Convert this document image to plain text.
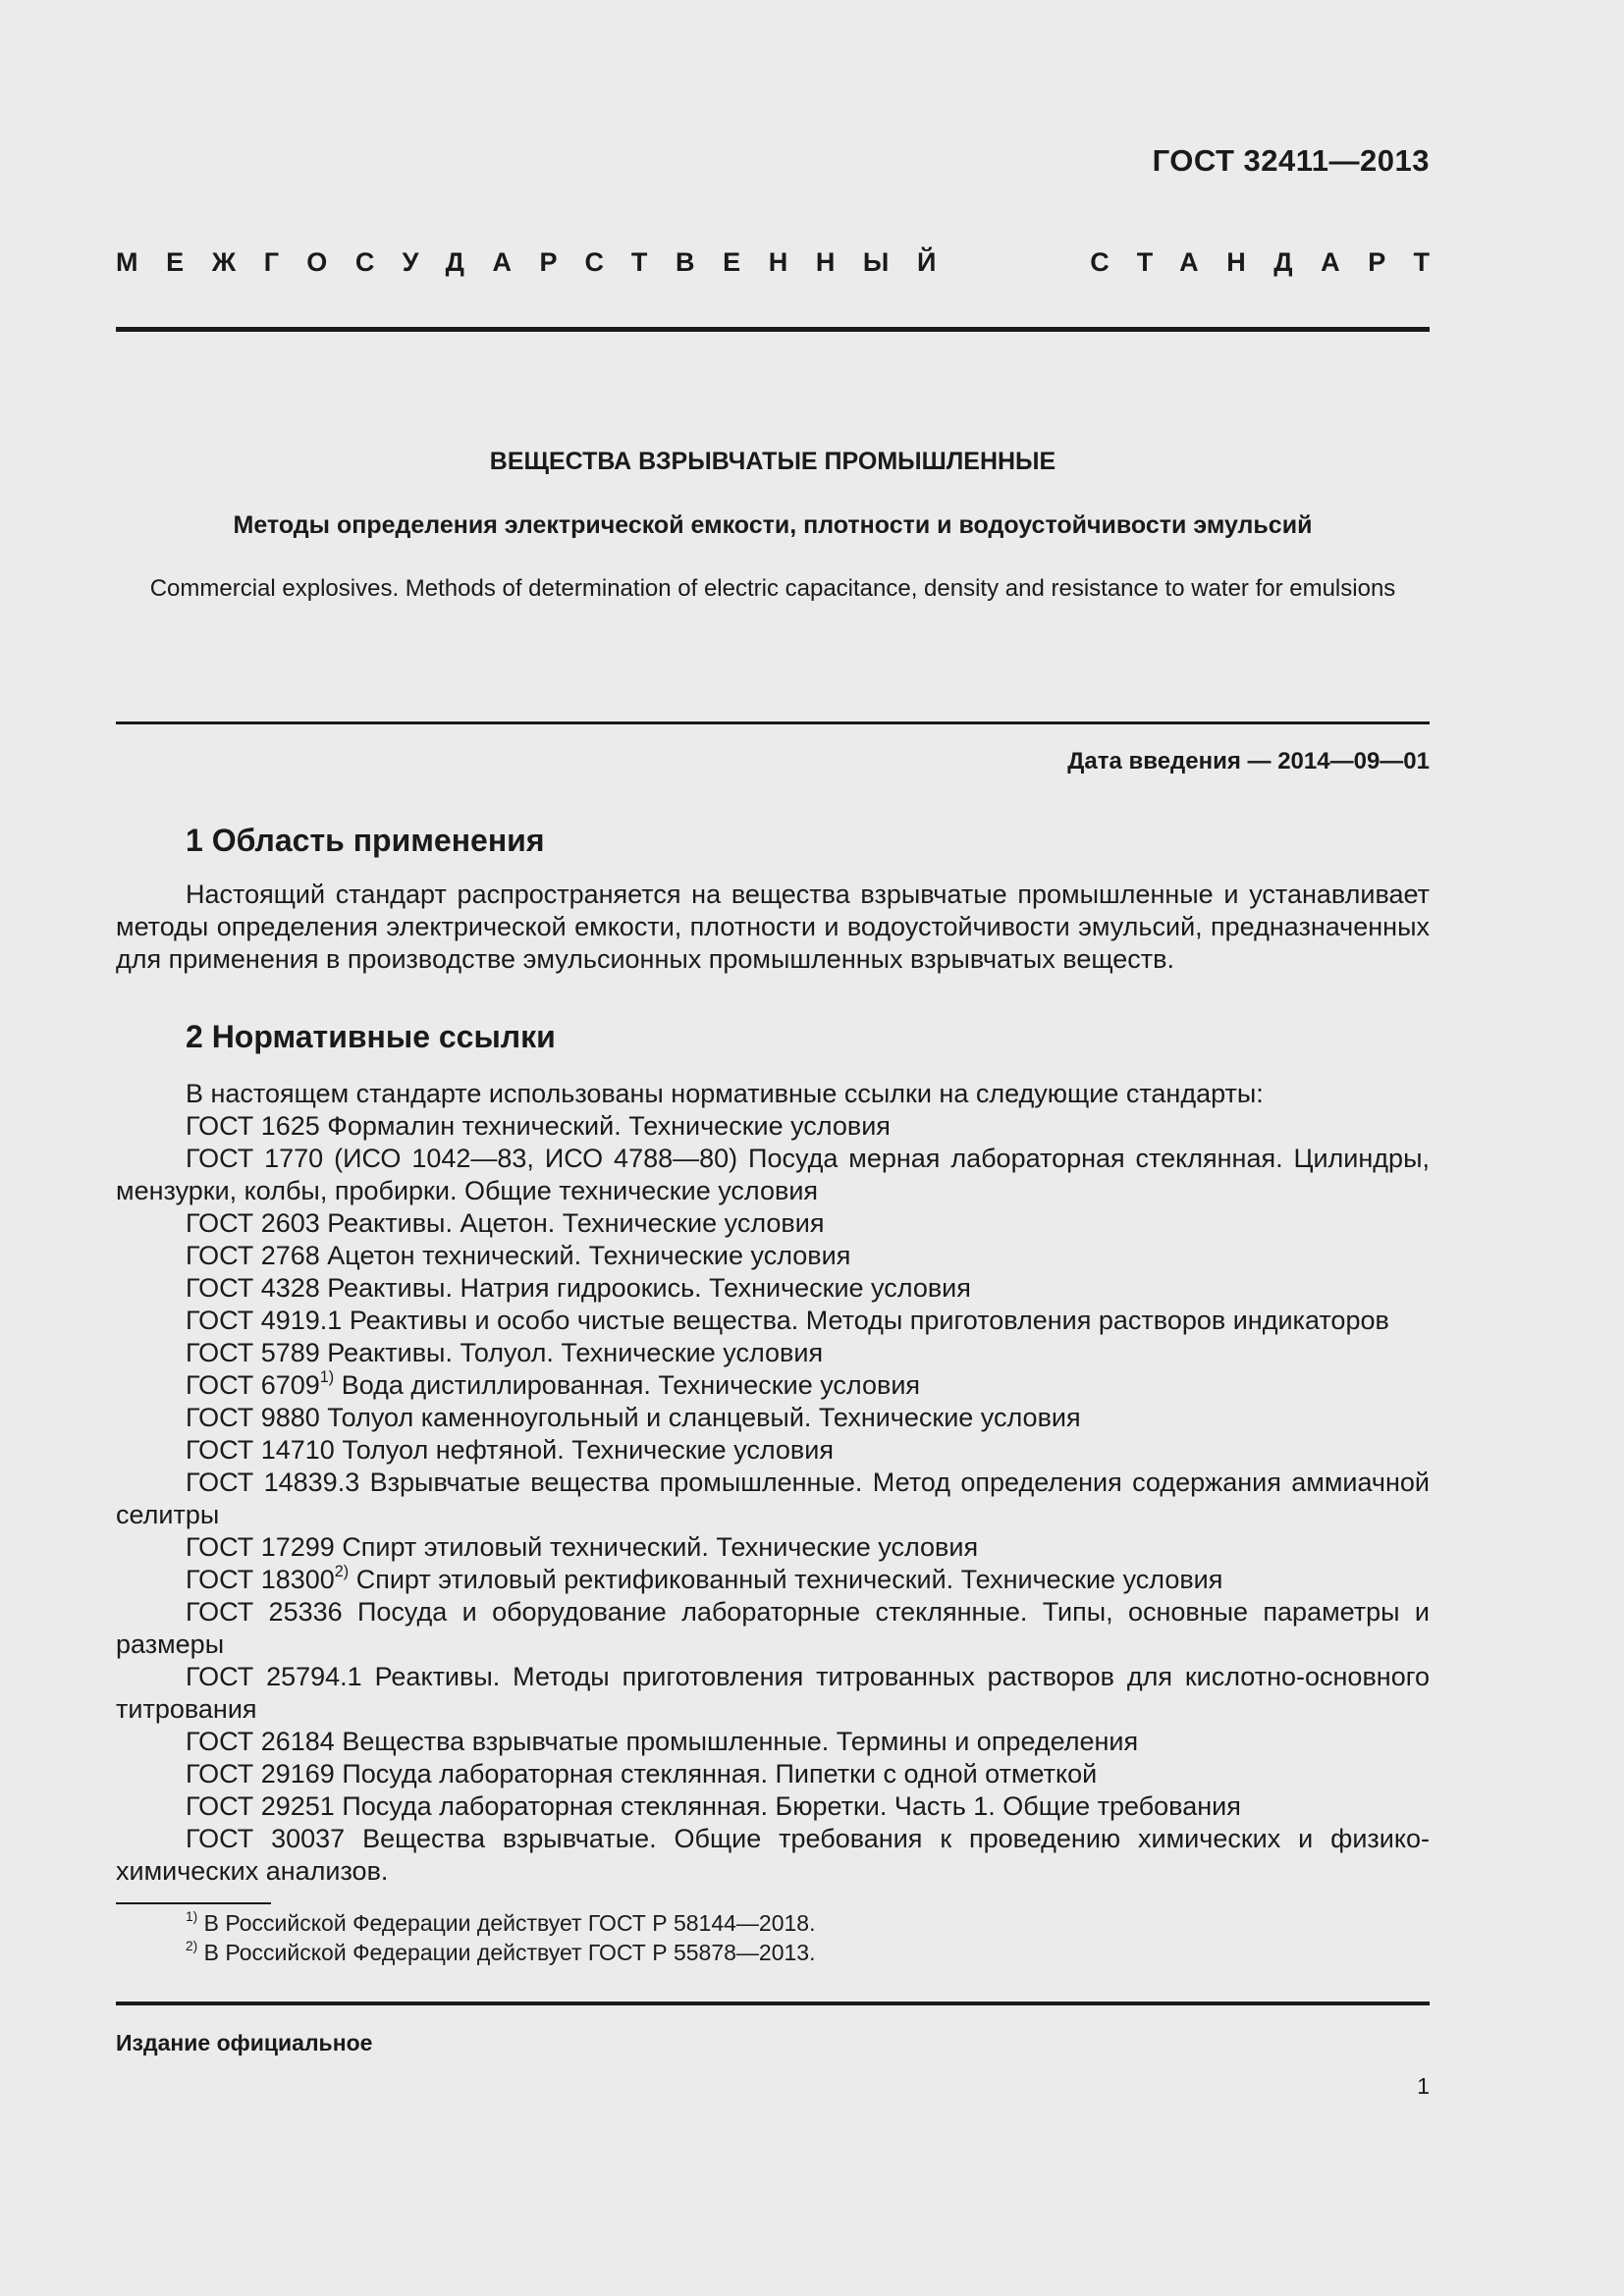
ГОСТ 32411—2013
МЕЖГОСУДАРСТВЕННЫЙ	СТАНДАРТ
ВЕЩЕСТВА ВЗРЫВЧАТЫЕ ПРОМЫШЛЕННЫЕ
Методы определения электрической емкости, плотности и водоустойчивости эмульсий
Commercial explosives. Methods of determination of electric capacitance, density and resistance to water for emulsions
Дата введения — 2014—09—01
1 Область применения

Настоящий стандарт распространяется на вещества взрывчатые промышленные и устанавливает методы определения электрической емкости, плотности и водоустойчивости эмульсий, предназначенных для применения в производстве эмульсионных промышленных взрывчатых веществ.

2 Нормативные ссылки

В настоящем стандарте использованы нормативные ссылки на следующие стандарты:

ГОСТ 1625 Формалин технический. Технические условия

ГОСТ 1770 (ИСО 1042—83, ИСО 4788—80) Посуда мерная лабораторная стеклянная. Цилиндры, мензурки, колбы, пробирки. Общие технические условия

ГОСТ 2603 Реактивы. Ацетон. Технические условия

ГОСТ 2768 Ацетон технический. Технические условия

ГОСТ 4328 Реактивы. Натрия гидроокись. Технические условия

ГОСТ 4919.1 Реактивы и особо чистые вещества. Методы приготовления растворов индикаторов

ГОСТ 5789 Реактивы. Толуол. Технические условия

ГОСТ 6709$^{1)}$ Вода дистиллированная. Технические условия

ГОСТ 9880 Толуол каменноугольный и сланцевый. Технические условия

ГОСТ 14710 Толуол нефтяной. Технические условия

ГОСТ 14839.3 Взрывчатые вещества промышленные. Метод определения содержания аммиачной селитры

ГОСТ 17299 Спирт этиловый технический. Технические условия

ГОСТ 18300$^{2)}$ Спирт этиловый ректификованный технический. Технические условия

ГОСТ 25336 Посуда и оборудование лабораторные стеклянные. Типы, основные параметры и размеры

ГОСТ 25794.1 Реактивы. Методы приготовления титрованных растворов для кислотно-основного титрования

ГОСТ 26184 Вещества взрывчатые промышленные. Термины и определения

ГОСТ 29169 Посуда лабораторная стеклянная. Пипетки с одной отметкой

ГОСТ 29251 Посуда лабораторная стеклянная. Бюретки. Часть 1. Общие требования

ГОСТ 30037 Вещества взрывчатые. Общие требования к проведению химических и физико-химических анализов.

$^{1)}$ В Российской Федерации действует ГОСТ Р 58144—2018.
$^{2)}$ В Российской Федерации действует ГОСТ Р 55878—2013.
Издание официальное
1
